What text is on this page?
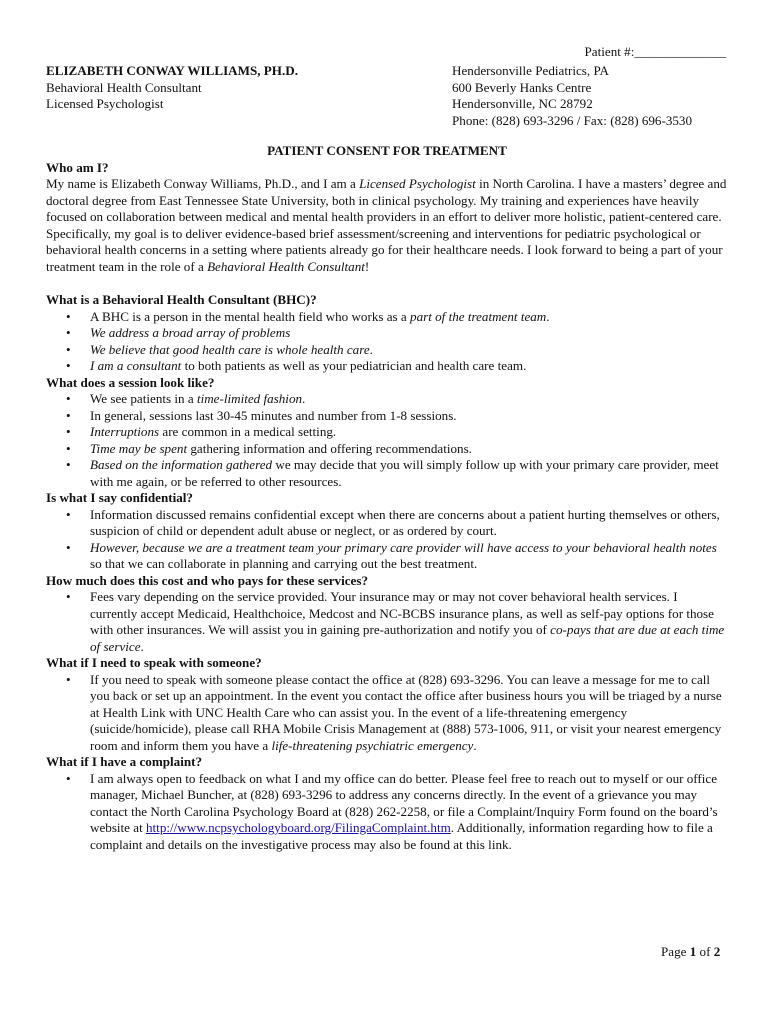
Patient #:______________
ELIZABETH CONWAY WILLIAMS, PH.D.
Behavioral Health Consultant
Licensed Psychologist
Hendersonville Pediatrics, PA
600 Beverly Hanks Centre
Hendersonville, NC 28792
Phone: (828) 693-3296 / Fax: (828) 696-3530
PATIENT CONSENT FOR TREATMENT
Who am I?

My name is Elizabeth Conway Williams, Ph.D., and I am a Licensed Psychologist in North Carolina. I have a masters’ degree and doctoral degree from East Tennessee State University, both in clinical psychology. My training and experiences have heavily focused on collaboration between medical and mental health providers in an effort to deliver more holistic, patient-centered care. Specifically, my goal is to deliver evidence-based brief assessment/screening and interventions for pediatric psychological or behavioral health concerns in a setting where patients already go for their healthcare needs. I look forward to being a part of your treatment team in the role of a Behavioral Health Consultant!

What is a Behavioral Health Consultant (BHC)?
• A BHC is a person in the mental health field who works as a part of the treatment team.
• We address a broad array of problems
• We believe that good health care is whole health care.
• I am a consultant to both patients as well as your pediatrician and health care team.
What does a session look like?
• We see patients in a time-limited fashion.
• In general, sessions last 30-45 minutes and number from 1-8 sessions.
• Interruptions are common in a medical setting.
• Time may be spent gathering information and offering recommendations.
• Based on the information gathered we may decide that you will simply follow up with your primary care provider, meet with me again, or be referred to other resources.
Is what I say confidential?
• Information discussed remains confidential except when there are concerns about a patient hurting themselves or others, suspicion of child or dependent adult abuse or neglect, or as ordered by court.
• However, because we are a treatment team your primary care provider will have access to your behavioral health notes so that we can collaborate in planning and carrying out the best treatment.
How much does this cost and who pays for these services?
• Fees vary depending on the service provided. Your insurance may or may not cover behavioral health services. I currently accept Medicaid, Healthchoice, Medcost and NC-BCBS insurance plans, as well as self-pay options for those with other insurances. We will assist you in gaining pre-authorization and notify you of co-pays that are due at each time of service.
What if I need to speak with someone?
• If you need to speak with someone please contact the office at (828) 693-3296. You can leave a message for me to call you back or set up an appointment. In the event you contact the office after business hours you will be triaged by a nurse at Health Link with UNC Health Care who can assist you. In the event of a life-threatening emergency (suicide/homicide), please call RHA Mobile Crisis Management at (888) 573-1006, 911, or visit your nearest emergency room and inform them you have a life-threatening psychiatric emergency.
What if I have a complaint?
• I am always open to feedback on what I and my office can do better. Please feel free to reach out to myself or our office manager, Michael Buncher, at (828) 693-3296 to address any concerns directly. In the event of a grievance you may contact the North Carolina Psychology Board at (828) 262-2258, or file a Complaint/Inquiry Form found on the board’s website at http://www.ncpsychologyboard.org/FilingaComplaint.htm. Additionally, information regarding how to file a complaint and details on the investigative process may also be found at this link.
Page 1 of 2
